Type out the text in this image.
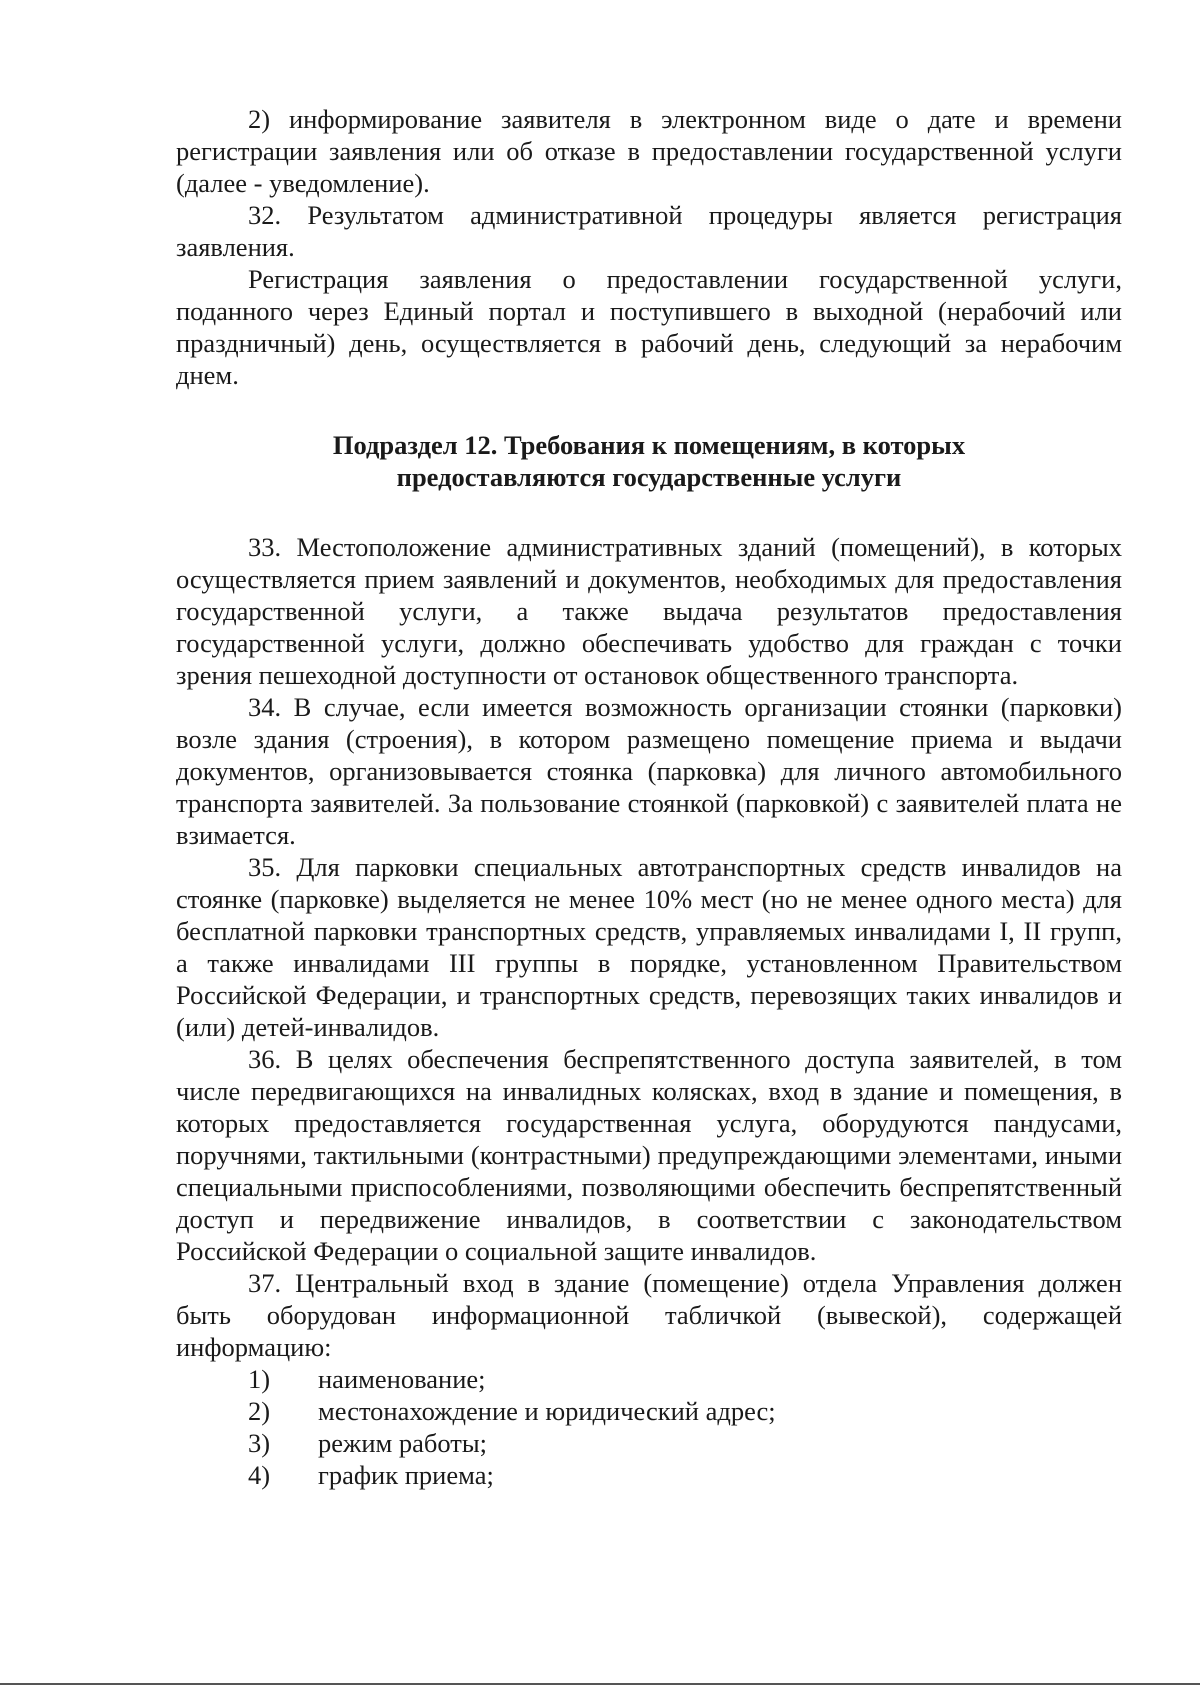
2) информирование заявителя в электронном виде о дате и времени регистрации заявления или об отказе в предоставлении государственной услуги (далее - уведомление).

32. Результатом административной процедуры является регистрация заявления.

Регистрация заявления о предоставлении государственной услуги, поданного через Единый портал и поступившего в выходной (нерабочий или праздничный) день, осуществляется в рабочий день, следующий за нерабочим днем.

Подраздел 12. Требования к помещениям, в которых
предоставляются государственные услуги

33. Местоположение административных зданий (помещений), в которых осуществляется прием заявлений и документов, необходимых для предоставления государственной услуги, а также выдача результатов предоставления государственной услуги, должно обеспечивать удобство для граждан с точки зрения пешеходной доступности от остановок общественного транспорта.

34. В случае, если имеется возможность организации стоянки (парковки) возле здания (строения), в котором размещено помещение приема и выдачи документов, организовывается стоянка (парковка) для личного автомобильного транспорта заявителей. За пользование стоянкой (парковкой) с заявителей плата не взимается.

35. Для парковки специальных автотранспортных средств инвалидов на стоянке (парковке) выделяется не менее 10% мест (но не менее одного места) для бесплатной парковки транспортных средств, управляемых инвалидами I, II групп, а также инвалидами III группы в порядке, установленном Правительством Российской Федерации, и транспортных средств, перевозящих таких инвалидов и (или) детей-инвалидов.

36. В целях обеспечения беспрепятственного доступа заявителей, в том числе передвигающихся на инвалидных колясках, вход в здание и помещения, в которых предоставляется государственная услуга, оборудуются пандусами, поручнями, тактильными (контрастными) предупреждающими элементами, иными специальными приспособлениями, позволяющими обеспечить беспрепятственный доступ и передвижение инвалидов, в соответствии с законодательством Российской Федерации о социальной защите инвалидов.

37. Центральный вход в здание (помещение) отдела Управления должен быть оборудован информационной табличкой (вывеской), содержащей информацию:

1)	наименование;
2)	местонахождение и юридический адрес;
3)	режим работы;
4)	график приема;
